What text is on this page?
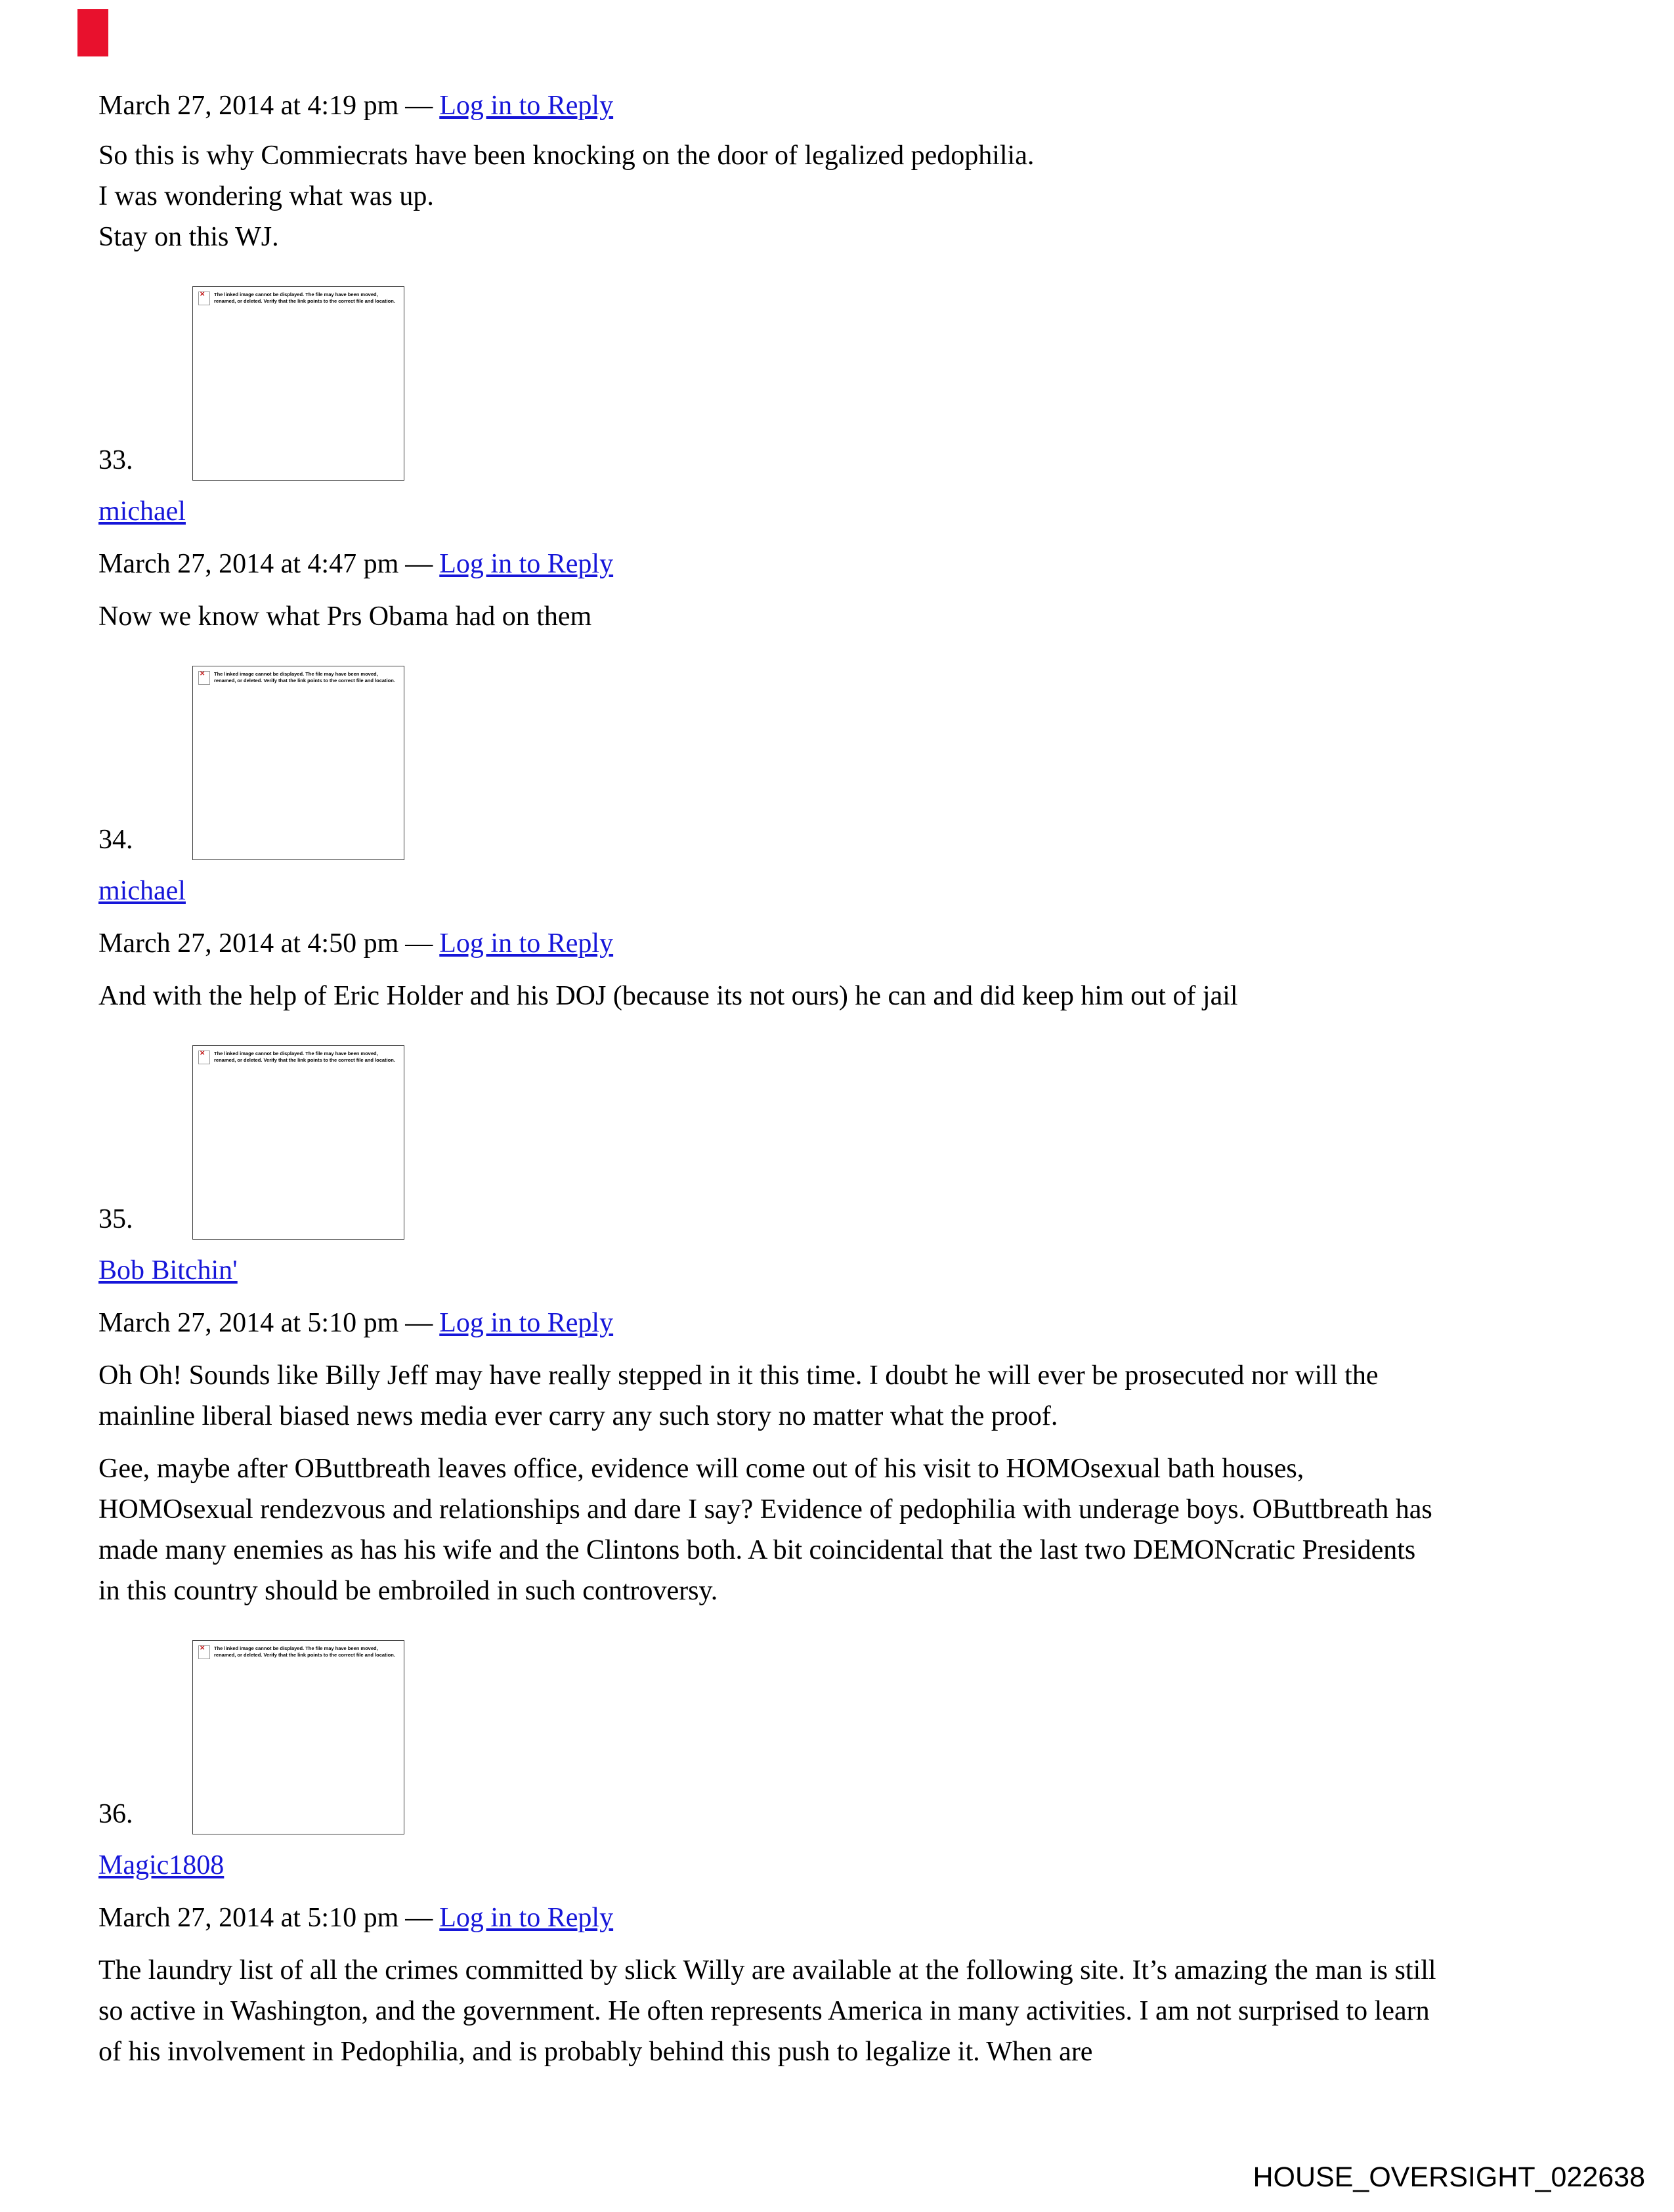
March 27, 2014 at 4:19 pm — Log in to Reply
So this is why Commiecrats have been knocking on the door of legalized pedophilia.
I was wondering what was up.
Stay on this WJ.
33.
✕ The linked image cannot be displayed. The file may have been moved, renamed, or deleted. Verify that the link points to the correct file and location.
michael
March 27, 2014 at 4:47 pm — Log in to Reply

Now we know what Prs Obama had on them

34.
✕ The linked image cannot be displayed. The file may have been moved, renamed, or deleted. Verify that the link points to the correct file and location.
michael
March 27, 2014 at 4:50 pm — Log in to Reply

And with the help of Eric Holder and his DOJ (because its not ours) he can and did keep him out of jail

35.
✕ The linked image cannot be displayed. The file may have been moved, renamed, or deleted. Verify that the link points to the correct file and location.
Bob Bitchin'
March 27, 2014 at 5:10 pm — Log in to Reply

Oh Oh! Sounds like Billy Jeff may have really stepped in it this time. I doubt he will ever be prosecuted nor will the mainline liberal biased news media ever carry any such story no matter what the proof.

Gee, maybe after OButtbreath leaves office, evidence will come out of his visit to HOMOsexual bath houses, HOMOsexual rendezvous and relationships and dare I say? Evidence of pedophilia with underage boys. OButtbreath has made many enemies as has his wife and the Clintons both. A bit coincidental that the last two DEMONcratic Presidents in this country should be embroiled in such controversy.

36.
✕ The linked image cannot be displayed. The file may have been moved, renamed, or deleted. Verify that the link points to the correct file and location.
Magic1808
March 27, 2014 at 5:10 pm — Log in to Reply

The laundry list of all the crimes committed by slick Willy are available at the following site. It’s amazing the man is still so active in Washington, and the government. He often represents America in many activities. I am not surprised to learn of his involvement in Pedophilia, and is probably behind this push to legalize it. When are

HOUSE_OVERSIGHT_022638
